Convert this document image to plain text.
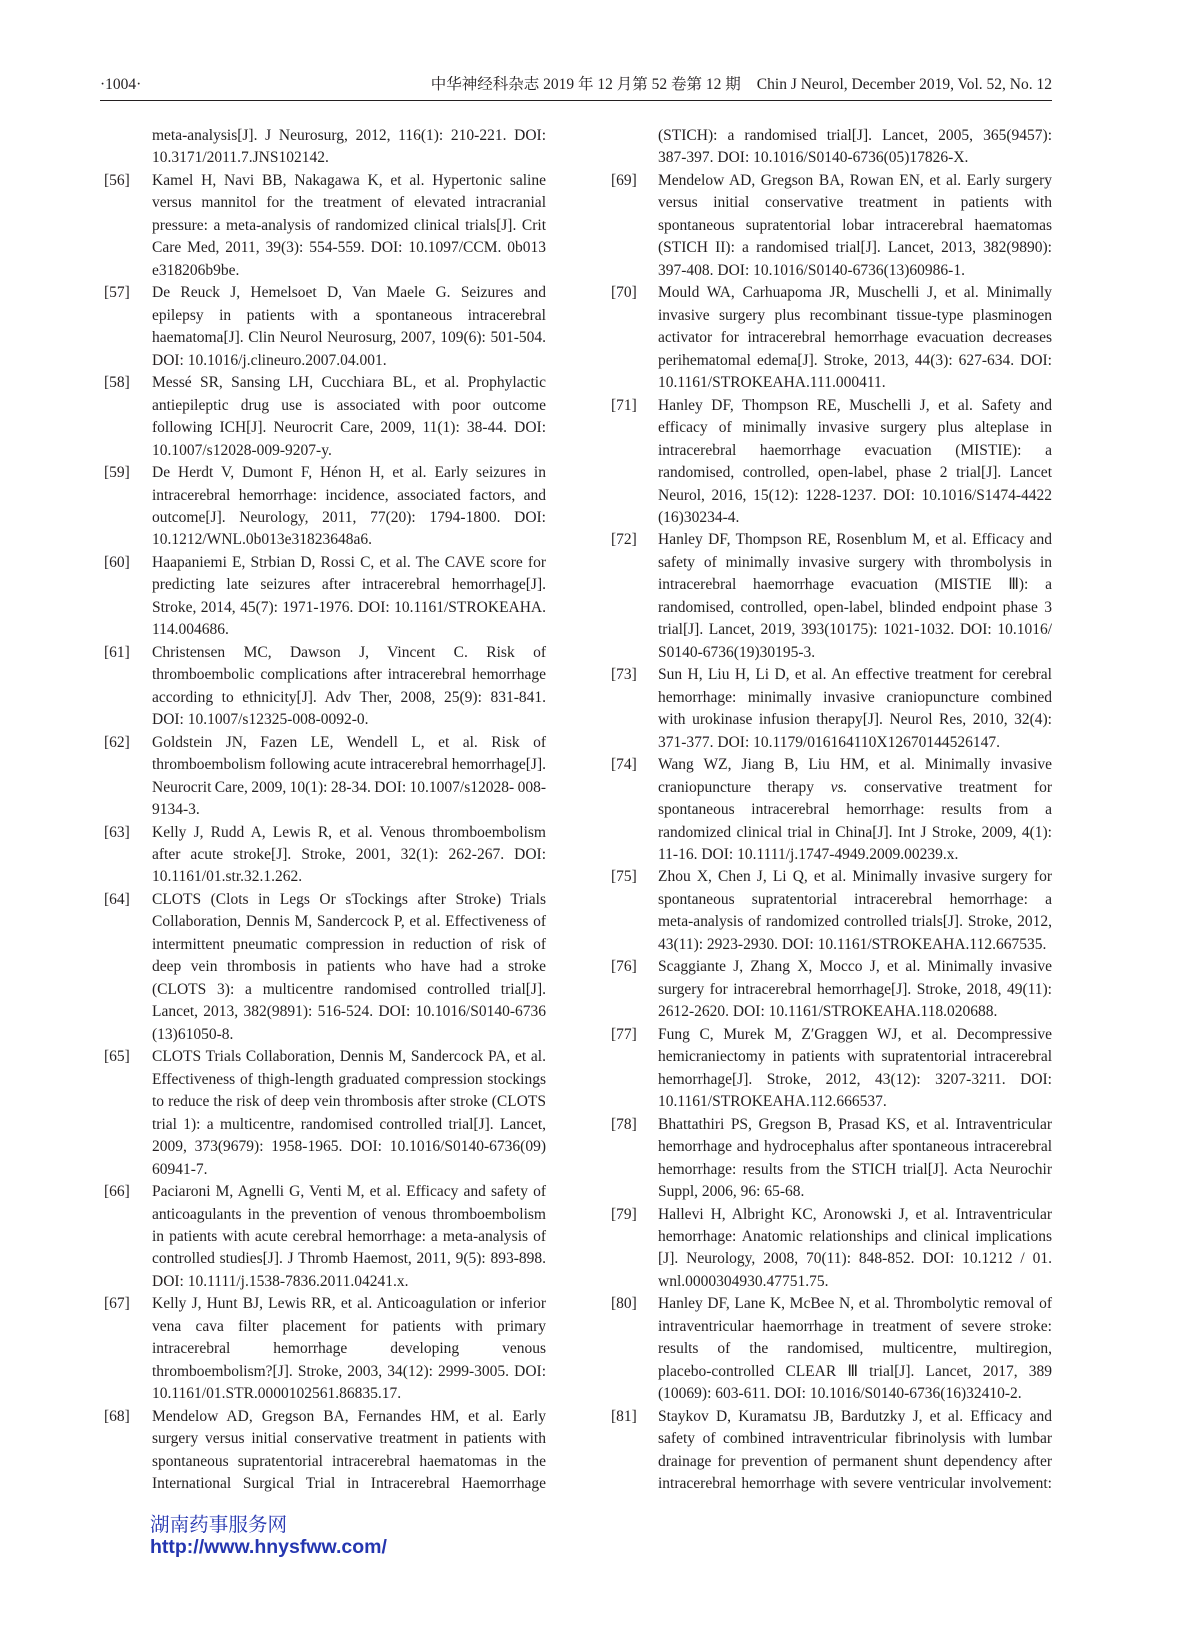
·1004·	中华神经科杂志 2019 年 12 月第 52 卷第 12 期 Chin J Neurol, December 2019, Vol. 52, No. 12
meta-analysis[J]. J Neurosurg, 2012, 116(1): 210-221. DOI:
10.3171/2011.7.JNS102142.
[56]	Kamel H, Navi BB, Nakagawa K, et al. Hypertonic saline
versus mannitol for the treatment of elevated intracranial
pressure: a meta-analysis of randomized clinical trials[J]. Crit
Care Med, 2011, 39(3): 554-559. DOI: 10.1097/CCM. 0b013
e318206b9be.
[57]	De Reuck J, Hemelsoet D, Van Maele G. Seizures and
epilepsy in patients with a spontaneous intracerebral
haematoma[J]. Clin Neurol Neurosurg, 2007, 109(6): 501-504.
DOI: 10.1016/j.clineuro.2007.04.001.
[58]	Messé SR, Sansing LH, Cucchiara BL, et al. Prophylactic
antiepileptic drug use is associated with poor outcome
following ICH[J]. Neurocrit Care, 2009, 11(1): 38-44. DOI:
10.1007/s12028-009-9207-y.
[59]	De Herdt V, Dumont F, Hénon H, et al. Early seizures in
intracerebral hemorrhage: incidence, associated factors, and
outcome[J]. Neurology, 2011, 77(20): 1794-1800. DOI:
10.1212/WNL.0b013e31823648a6.
[60]	Haapaniemi E, Strbian D, Rossi C, et al. The CAVE score for
predicting late seizures after intracerebral hemorrhage[J].
Stroke, 2014, 45(7): 1971-1976. DOI: 10.1161/STROKEAHA.
114.004686.
[61]	Christensen MC, Dawson J, Vincent C. Risk of
thromboembolic complications after intracerebral hemorrhage
according to ethnicity[J]. Adv Ther, 2008, 25(9): 831-841.
DOI: 10.1007/s12325-008-0092-0.
[62]	Goldstein JN, Fazen LE, Wendell L, et al. Risk of
thromboembolism following acute intracerebral hemorrhage[J].
Neurocrit Care, 2009, 10(1): 28-34. DOI: 10.1007/s12028- 008-
9134-3.
[63]	Kelly J, Rudd A, Lewis R, et al. Venous thromboembolism
after acute stroke[J]. Stroke, 2001, 32(1): 262-267. DOI:
10.1161/01.str.32.1.262.
[64]	CLOTS (Clots in Legs Or sTockings after Stroke) Trials
Collaboration, Dennis M, Sandercock P, et al. Effectiveness of
intermittent pneumatic compression in reduction of risk of
deep vein thrombosis in patients who have had a stroke
(CLOTS 3): a multicentre randomised controlled trial[J].
Lancet, 2013, 382(9891): 516-524. DOI: 10.1016/S0140-6736
(13)61050-8.
[65]	CLOTS Trials Collaboration, Dennis M, Sandercock PA, et al.
Effectiveness of thigh-length graduated compression stockings
to reduce the risk of deep vein thrombosis after stroke (CLOTS
trial 1): a multicentre, randomised controlled trial[J]. Lancet,
2009, 373(9679): 1958-1965. DOI: 10.1016/S0140-6736(09)
60941-7.
[66]	Paciaroni M, Agnelli G, Venti M, et al. Efficacy and safety of
anticoagulants in the prevention of venous thromboembolism
in patients with acute cerebral hemorrhage: a meta-analysis of
controlled studies[J]. J Thromb Haemost, 2011, 9(5): 893-898.
DOI: 10.1111/j.1538-7836.2011.04241.x.
[67]	Kelly J, Hunt BJ, Lewis RR, et al. Anticoagulation or inferior
vena cava filter placement for patients with primary
intracerebral hemorrhage developing venous
thromboembolism?[J]. Stroke, 2003, 34(12): 2999-3005. DOI:
10.1161/01.STR.0000102561.86835.17.
[68]	Mendelow AD, Gregson BA, Fernandes HM, et al. Early
surgery versus initial conservative treatment in patients with
spontaneous supratentorial intracerebral haematomas in the
International Surgical Trial in Intracerebral Haemorrhage
(STICH): a randomised trial[J]. Lancet, 2005, 365(9457):
387-397. DOI: 10.1016/S0140-6736(05)17826-X.
[69]	Mendelow AD, Gregson BA, Rowan EN, et al. Early surgery
versus initial conservative treatment in patients with
spontaneous supratentorial lobar intracerebral haematomas
(STICH II): a randomised trial[J]. Lancet, 2013, 382(9890):
397-408. DOI: 10.1016/S0140-6736(13)60986-1.
[70]	Mould WA, Carhuapoma JR, Muschelli J, et al. Minimally
invasive surgery plus recombinant tissue-type plasminogen
activator for intracerebral hemorrhage evacuation decreases
perihematomal edema[J]. Stroke, 2013, 44(3): 627-634. DOI:
10.1161/STROKEAHA.111.000411.
[71]	Hanley DF, Thompson RE, Muschelli J, et al. Safety and
efficacy of minimally invasive surgery plus alteplase in
intracerebral haemorrhage evacuation (MISTIE): a
randomised, controlled, open-label, phase 2 trial[J]. Lancet
Neurol, 2016, 15(12): 1228-1237. DOI: 10.1016/S1474-4422
(16)30234-4.
[72]	Hanley DF, Thompson RE, Rosenblum M, et al. Efficacy and
safety of minimally invasive surgery with thrombolysis in
intracerebral haemorrhage evacuation (MISTIE Ⅲ): a
randomised, controlled, open-label, blinded endpoint phase 3
trial[J]. Lancet, 2019, 393(10175): 1021-1032. DOI: 10.1016/
S0140-6736(19)30195-3.
[73]	Sun H, Liu H, Li D, et al. An effective treatment for cerebral
hemorrhage: minimally invasive craniopuncture combined
with urokinase infusion therapy[J]. Neurol Res, 2010, 32(4):
371-377. DOI: 10.1179/016164110X12670144526147.
[74]	Wang WZ, Jiang B, Liu HM, et al. Minimally invasive
craniopuncture therapy vs. conservative treatment for
spontaneous intracerebral hemorrhage: results from a
randomized clinical trial in China[J]. Int J Stroke, 2009, 4(1):
11-16. DOI: 10.1111/j.1747-4949.2009.00239.x.
[75]	Zhou X, Chen J, Li Q, et al. Minimally invasive surgery for
spontaneous supratentorial intracerebral hemorrhage: a
meta-analysis of randomized controlled trials[J]. Stroke, 2012,
43(11): 2923-2930. DOI: 10.1161/STROKEAHA.112.667535.
[76]	Scaggiante J, Zhang X, Mocco J, et al. Minimally invasive
surgery for intracerebral hemorrhage[J]. Stroke, 2018, 49(11):
2612-2620. DOI: 10.1161/STROKEAHA.118.020688.
[77]	Fung C, Murek M, Z′Graggen WJ, et al. Decompressive
hemicraniectomy in patients with supratentorial intracerebral
hemorrhage[J]. Stroke, 2012, 43(12): 3207-3211. DOI:
10.1161/STROKEAHA.112.666537.
[78]	Bhattathiri PS, Gregson B, Prasad KS, et al. Intraventricular
hemorrhage and hydrocephalus after spontaneous intracerebral
hemorrhage: results from the STICH trial[J]. Acta Neurochir
Suppl, 2006, 96: 65-68.
[79]	Hallevi H, Albright KC, Aronowski J, et al. Intraventricular
hemorrhage: Anatomic relationships and clinical implications
[J]. Neurology, 2008, 70(11): 848-852. DOI: 10.1212 / 01.
wnl.0000304930.47751.75.
[80]	Hanley DF, Lane K, McBee N, et al. Thrombolytic removal of
intraventricular haemorrhage in treatment of severe stroke:
results of the randomised, multicentre, multiregion,
placebo-controlled CLEAR Ⅲ trial[J]. Lancet, 2017, 389
(10069): 603-611. DOI: 10.1016/S0140-6736(16)32410-2.
[81]	Staykov D, Kuramatsu JB, Bardutzky J, et al. Efficacy and
safety of combined intraventricular fibrinolysis with lumbar
drainage for prevention of permanent shunt dependency after
intracerebral hemorrhage with severe ventricular involvement:
湖南药事服务网
http://www.hnysfww.com/
